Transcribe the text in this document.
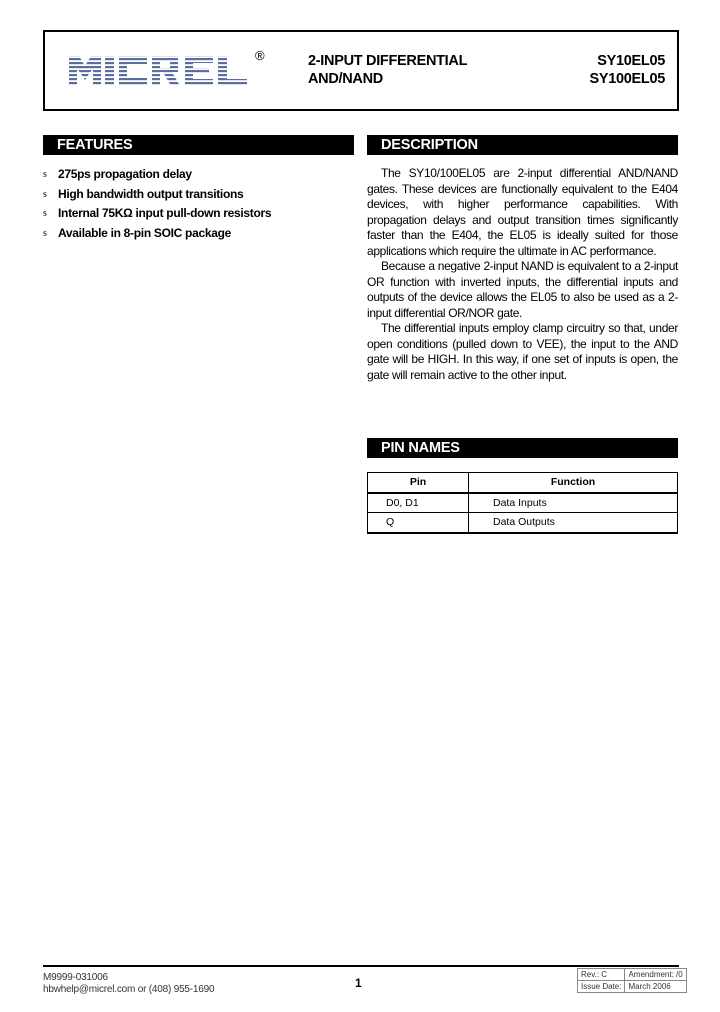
®	2-INPUT DIFFERENTIAL
AND/NAND
SY10EL05
SY100EL05
FEATURES
s 275ps propagation delay
s High bandwidth output transitions
s Internal 75KΩ input pull-down resistors
s Available in 8-pin SOIC package
DESCRIPTION

The SY10/100EL05 are 2-input differential AND/NAND gates. These devices are functionally equivalent to the E404 devices, with higher performance capabilities. With propagation delays and output transition times significantly faster than the E404, the EL05 is ideally suited for those applications which require the ultimate in AC performance.

Because a negative 2-input NAND is equivalent to a 2-input OR function with inverted inputs, the differential inputs and outputs of the device allows the EL05 to also be used as a 2-input differential OR/NOR gate.

The differential inputs employ clamp circuitry so that, under open conditions (pulled down to VEE), the input to the AND gate will be HIGH. In this way, if one set of inputs is open, the gate will remain active to the other input.

PIN NAMES
Pin	Function
D0, D1	Data Inputs
Q	Data Outputs
M9999-031006
hbwhelp@micrel.com or (408) 955-1690	1
Rev.: C	Amendment: /0
Issue Date:	March 2006
